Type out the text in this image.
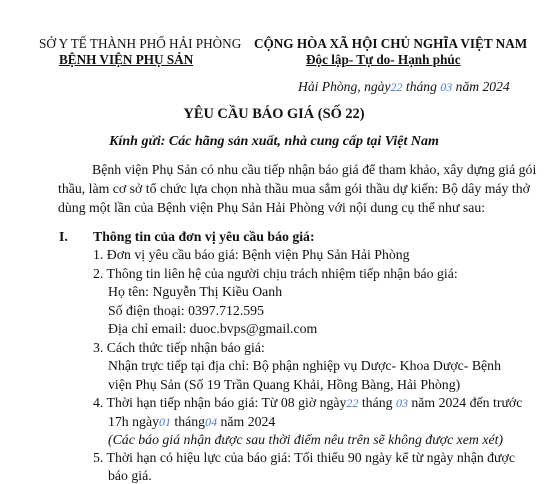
SỞ Y TẾ THÀNH PHỐ HẢI PHÒNG
BỆNH VIỆN PHỤ SẢN
CỘNG HÒA XÃ HỘI CHỦ NGHĨA VIỆT NAM
Độc lập- Tự do- Hạnh phúc
Hải Phòng, ngày22 tháng 03 năm 2024
YÊU CẦU BÁO GIÁ (SỐ 22)
Kính gửi: Các hãng sản xuất, nhà cung cấp tại Việt Nam
Bệnh viện Phụ Sản có nhu cầu tiếp nhận báo giá để tham khảo, xây dựng giá gói
thầu, làm cơ sở tổ chức lựa chọn nhà thầu mua sắm gói thầu dự kiến: Bộ dây máy thở
dùng một lần của Bệnh viện Phụ Sản Hải Phòng với nội dung cụ thể như sau:
I. Thông tin của đơn vị yêu cầu báo giá:
1. Đơn vị yêu cầu báo giá: Bệnh viện Phụ Sản Hải Phòng
2. Thông tin liên hệ của người chịu trách nhiệm tiếp nhận báo giá:
Họ tên: Nguyễn Thị Kiều Oanh
Số điện thoại: 0397.712.595
Địa chỉ email: duoc.bvps@gmail.com
3. Cách thức tiếp nhận báo giá:
Nhận trực tiếp tại địa chỉ: Bộ phận nghiệp vụ Dược- Khoa Dược- Bệnh
viện Phụ Sản (Số 19 Trần Quang Khải, Hồng Bàng, Hải Phòng)
4. Thời hạn tiếp nhận báo giá: Từ 08 giờ ngày22 tháng 03 năm 2024 đến trước
17h ngày01 tháng04 năm 2024
(Các báo giá nhận được sau thời điểm nêu trên sẽ không được xem xét)
5. Thời hạn có hiệu lực của báo giá: Tối thiểu 90 ngày kể từ ngày nhận được
báo giá.
